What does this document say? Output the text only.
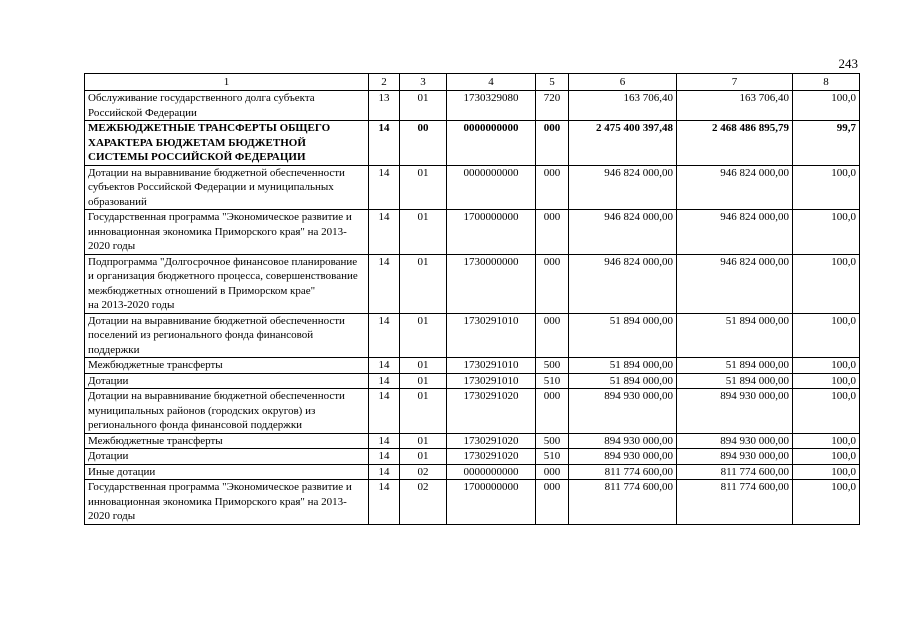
243
1	2	3	4	5	6	7	8
Обслуживание государственного долга субъекта Российской Федерации	13	01	1730329080	720	163 706,40	163 706,40	100,0
МЕЖБЮДЖЕТНЫЕ ТРАНСФЕРТЫ ОБЩЕГО ХАРАКТЕРА БЮДЖЕТАМ БЮДЖЕТНОЙ СИСТЕМЫ РОССИЙСКОЙ ФЕДЕРАЦИИ	14	00	0000000000	000	2 475 400 397,48	2 468 486 895,79	99,7
Дотации на выравнивание бюджетной обеспеченности субъектов Российской Федерации и муниципальных образований	14	01	0000000000	000	946 824 000,00	946 824 000,00	100,0
Государственная программа "Экономическое развитие и инновационная экономика Приморского края" на 2013-2020 годы	14	01	1700000000	000	946 824 000,00	946 824 000,00	100,0
Подпрограмма "Долгосрочное финансовое планирование и организация бюджетного процесса, совершенствование межбюджетных отношений в Приморском крае"
на 2013-2020 годы	14	01	1730000000	000	946 824 000,00	946 824 000,00	100,0
Дотации на выравнивание бюджетной обеспеченности поселений из регионального фонда финансовой поддержки	14	01	1730291010	000	51 894 000,00	51 894 000,00	100,0
Межбюджетные трансферты	14	01	1730291010	500	51 894 000,00	51 894 000,00	100,0
Дотации	14	01	1730291010	510	51 894 000,00	51 894 000,00	100,0
Дотации на выравнивание бюджетной обеспеченности муниципальных районов (городских округов) из регионального фонда финансовой поддержки	14	01	1730291020	000	894 930 000,00	894 930 000,00	100,0
Межбюджетные трансферты	14	01	1730291020	500	894 930 000,00	894 930 000,00	100,0
Дотации	14	01	1730291020	510	894 930 000,00	894 930 000,00	100,0
Иные дотации	14	02	0000000000	000	811 774 600,00	811 774 600,00	100,0
Государственная программа "Экономическое развитие и инновационная экономика Приморского края" на 2013-2020 годы	14	02	1700000000	000	811 774 600,00	811 774 600,00	100,0
